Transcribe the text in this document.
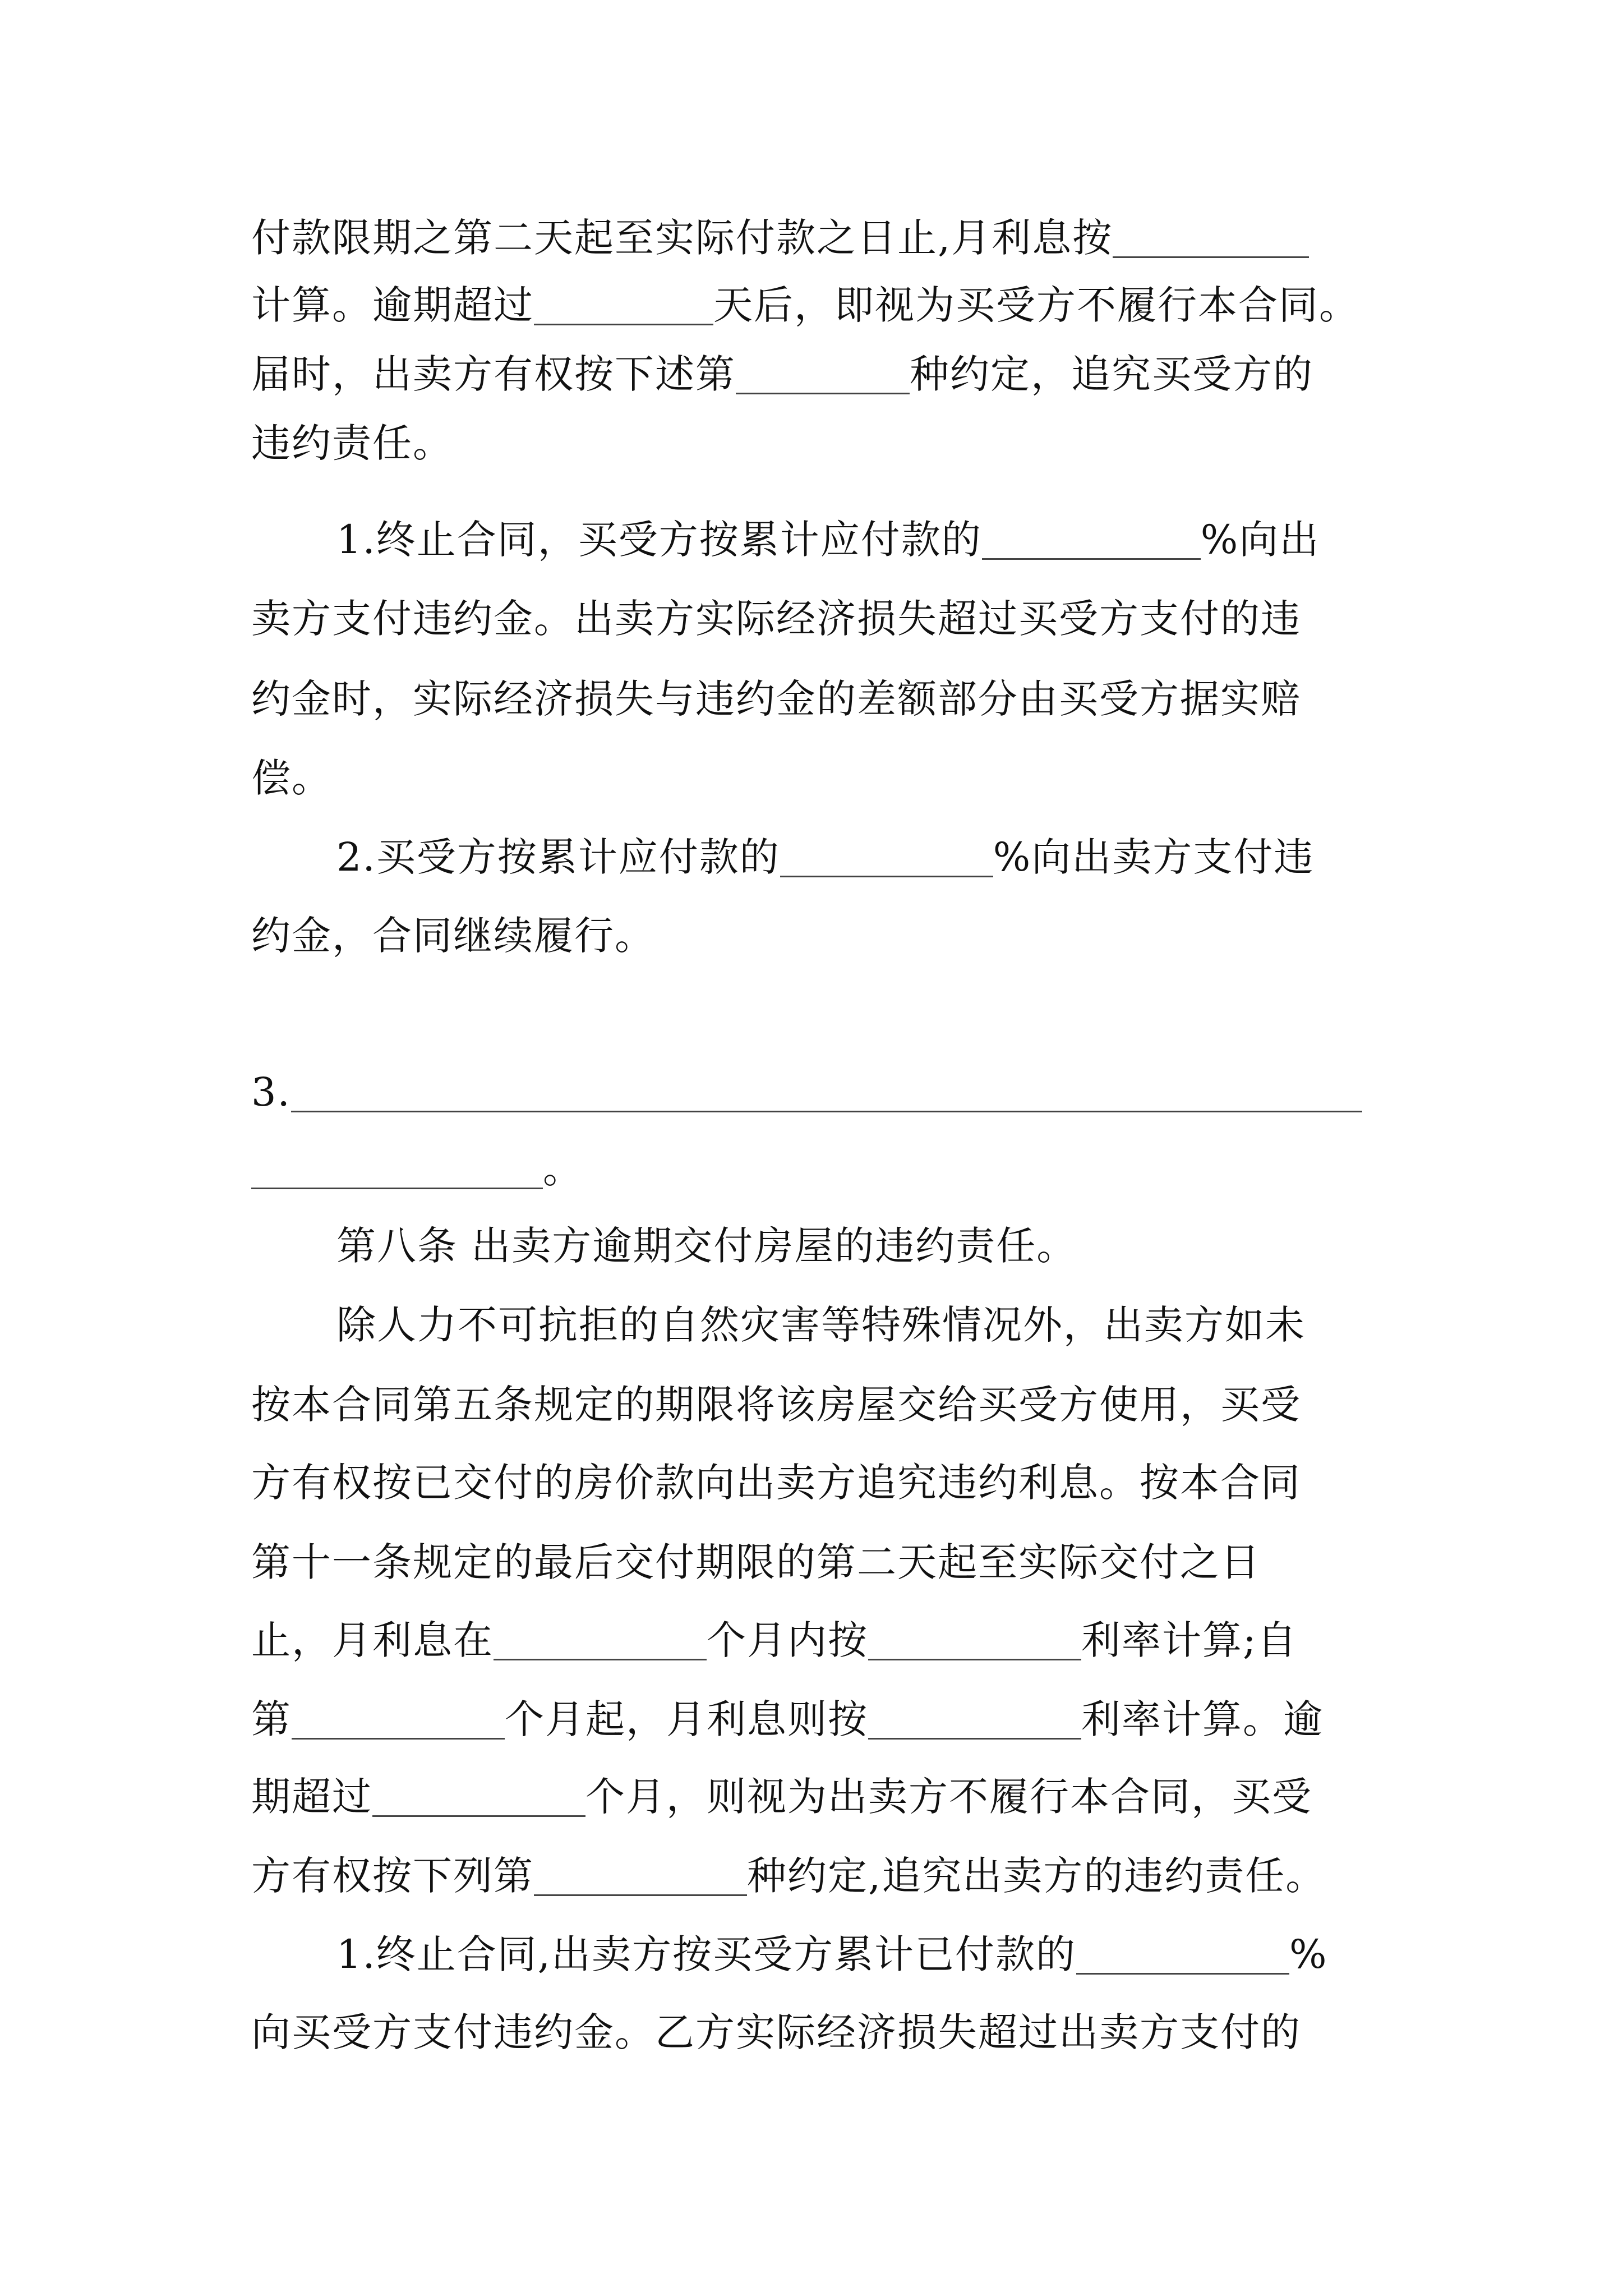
付款限期之第二天起至实际付款之日止,月利息按
计算。逾期超过	天后，即视为买受方不履行本合同。
届时，出卖方有权按下述第	种约定，追究买受方的
违约责任。
1.终止合同，买受方按累计应付款的	%向出
卖方支付违约金。出卖方实际经济损失超过买受方支付的违
约金时，实际经济损失与违约金的差额部分由买受方据实赔
偿。
2.买受方按累计应付款的	%向出卖方支付违
约金，合同继续履行。
3.
。
第八条 出卖方逾期交付房屋的违约责任。
除人力不可抗拒的自然灾害等特殊情况外，出卖方如未
按本合同第五条规定的期限将该房屋交给买受方使用，买受
方有权按已交付的房价款向出卖方追究违约利息。按本合同
第十一条规定的最后交付期限的第二天起至实际交付之日
止，月利息在	个月内按	利率计算;自
第	个月起，月利息则按	利率计算。逾
期超过	个月，则视为出卖方不履行本合同，买受
方有权按下列第	种约定,追究出卖方的违约责任。
1.终止合同,出卖方按买受方累计已付款的	%
向买受方支付违约金。乙方实际经济损失超过出卖方支付的
